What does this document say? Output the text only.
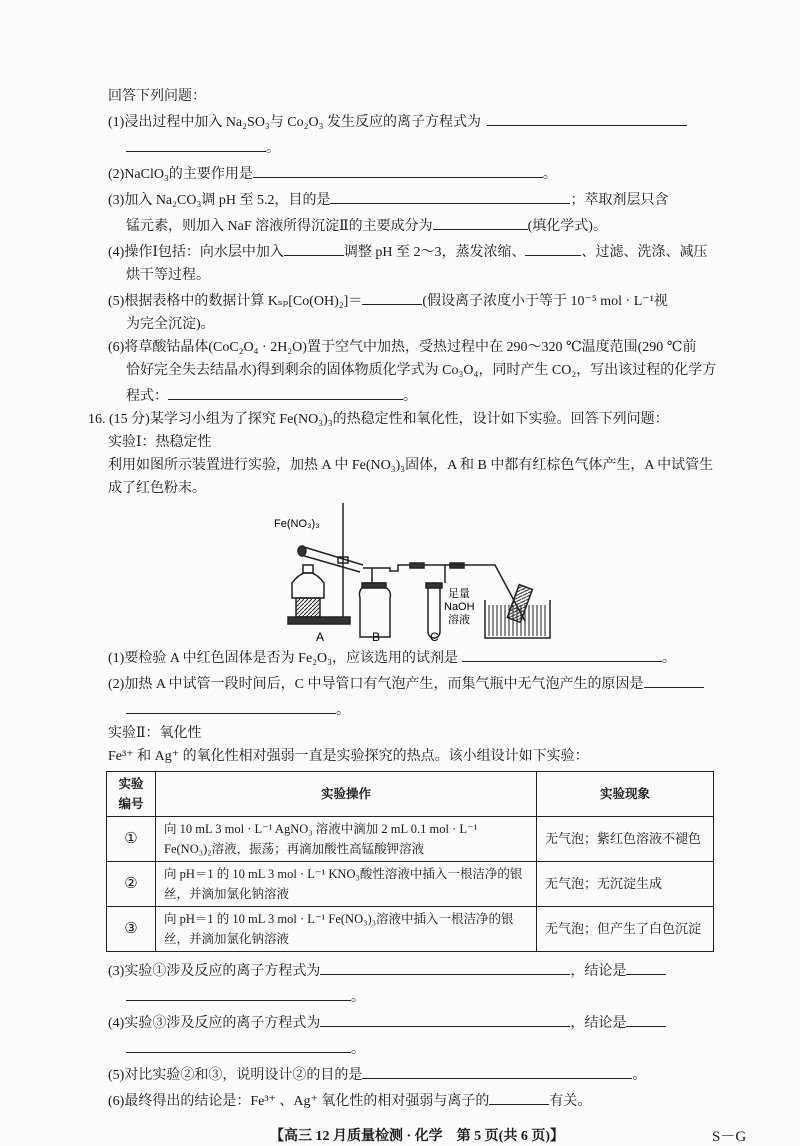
回答下列问题：
(1)浸出过程中加入 Na₂SO₃与 Co₂O₃ 发生反应的离子方程式为
。
(2)NaClO₃的主要作用是	。
(3)加入 Na₂CO₃调 pH 至 5.2，目的是	；萃取剂层只含
锰元素，则加入 NaF 溶液所得沉淀Ⅱ的主要成分为	(填化学式)。
(4)操作Ⅰ包括：向水层中加入	调整 pH 至 2～3，蒸发浓缩、	、过滤、洗涤、减压
烘干等过程。
(5)根据表格中的数据计算 Kₛₚ[Co(OH)₂]＝	(假设离子浓度小于等于 10⁻⁵ mol · L⁻¹视
为完全沉淀)。
(6)将草酸钴晶体(CoC₂O₄ · 2H₂O)置于空气中加热，受热过程中在 290～320 ℃温度范围(290 ℃前
恰好完全失去结晶水)得到剩余的固体物质化学式为 Co₃O₄，同时产生 CO₂，写出该过程的化学方
程式：	。
16. (15 分)某学习小组为了探究 Fe(NO₃)₃的热稳定性和氧化性，设计如下实验。回答下列问题：
实验Ⅰ：热稳定性
利用如图所示装置进行实验，加热 A 中 Fe(NO₃)₃固体，A 和 B 中都有红棕色气体产生，A 中试管生
成了红色粉末。
Fe(NO₃)₃
A	B	C
足量
NaOH
溶液
(1)要检验 A 中红色固体是否为 Fe₂O₃，应该选用的试剂是	。
(2)加热 A 中试管一段时间后，C 中导管口有气泡产生，而集气瓶中无气泡产生的原因是
。
实验Ⅱ：氧化性
Fe³⁺ 和 Ag⁺ 的氧化性相对强弱一直是实验探究的热点。该小组设计如下实验：
实验编号	实验操作	实验现象
①	向 10 mL 3 mol · L⁻¹ AgNO₃ 溶液中滴加 2 mL 0.1 mol · L⁻¹ Fe(NO₃)₂溶液，振荡；再滴加酸性高锰酸钾溶液	无气泡；紫红色溶液不褪色
②	向 pH＝1 的 10 mL 3 mol · L⁻¹ KNO₃酸性溶液中插入一根洁净的银丝，并滴加氯化钠溶液	无气泡；无沉淀生成
③	向 pH＝1 的 10 mL 3 mol · L⁻¹ Fe(NO₃)₃溶液中插入一根洁净的银丝，并滴加氯化钠溶液	无气泡；但产生了白色沉淀
(3)实验①涉及反应的离子方程式为	，结论是
。
(4)实验③涉及反应的离子方程式为	，结论是
。
(5)对比实验②和③，说明设计②的目的是	。
(6)最终得出的结论是：Fe³⁺ 、Ag⁺ 氧化性的相对强弱与离子的	有关。
【高三 12 月质量检测 · 化学　第 5 页(共 6 页)】	S－G
